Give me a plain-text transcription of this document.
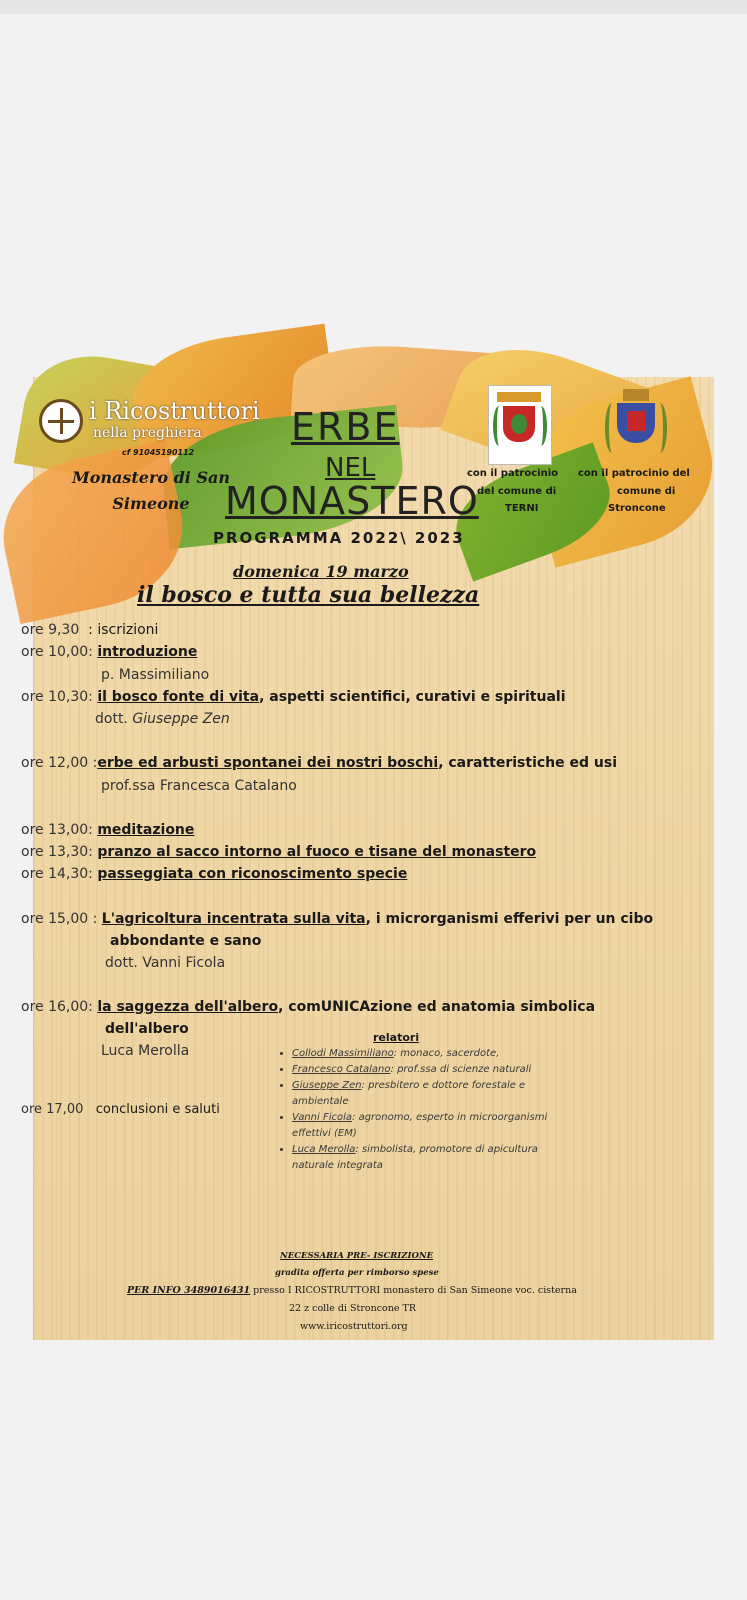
i Ricostruttori
nella preghiera
cf 91045190112
Monastero di San Simeone
ERBE
NEL
MONASTERO
PROGRAMMA 2022\ 2023
con il patrocinio
del comune di
TERNI
con il patrocinio del
comune di
Stroncone
domenica 19 marzo
il bosco e tutta sua bellezza
ore 9,30 : iscrizioni
ore 10,00: introduzione
p. Massimiliano
ore 10,30: il bosco fonte di vita, aspetti scientifici, curativi e spirituali
dott. Giuseppe Zen
ore 12,00 :erbe ed arbusti spontanei dei nostri boschi, caratteristiche ed usi
prof.ssa Francesca Catalano
ore 13,00: meditazione
ore 13,30: pranzo al sacco intorno al fuoco e tisane del monastero
ore 14,30: passeggiata con riconoscimento specie
ore 15,00 : L'agricoltura incentrata sulla vita, i microrganismi efferivi per un cibo
abbondante e sano
dott. Vanni Ficola
ore 16,00: la saggezza dell'albero, comUNICAzione ed anatomia simbolica
dell'albero
Luca Merolla
ore 17,00 conclusioni e saluti
relatori
• Collodi Massimiliano: monaco, sacerdote,
• Francesco Catalano: prof.ssa di scienze naturali
• Giuseppe Zen: presbitero e dottore forestale e ambientale
• Vanni Ficola: agronomo, esperto in microorganismi effettivi (EM)
• Luca Merolla: simbolista, promotore di apicultura naturale integrata
NECESSARIA PRE- ISCRIZIONE
gradita offerta per rimborso spese
PER INFO 3489016431 presso I RICOSTRUTTORI monastero di San Simeone voc. cisterna
22 z colle di Stroncone TR
www.iricostruttori.org
